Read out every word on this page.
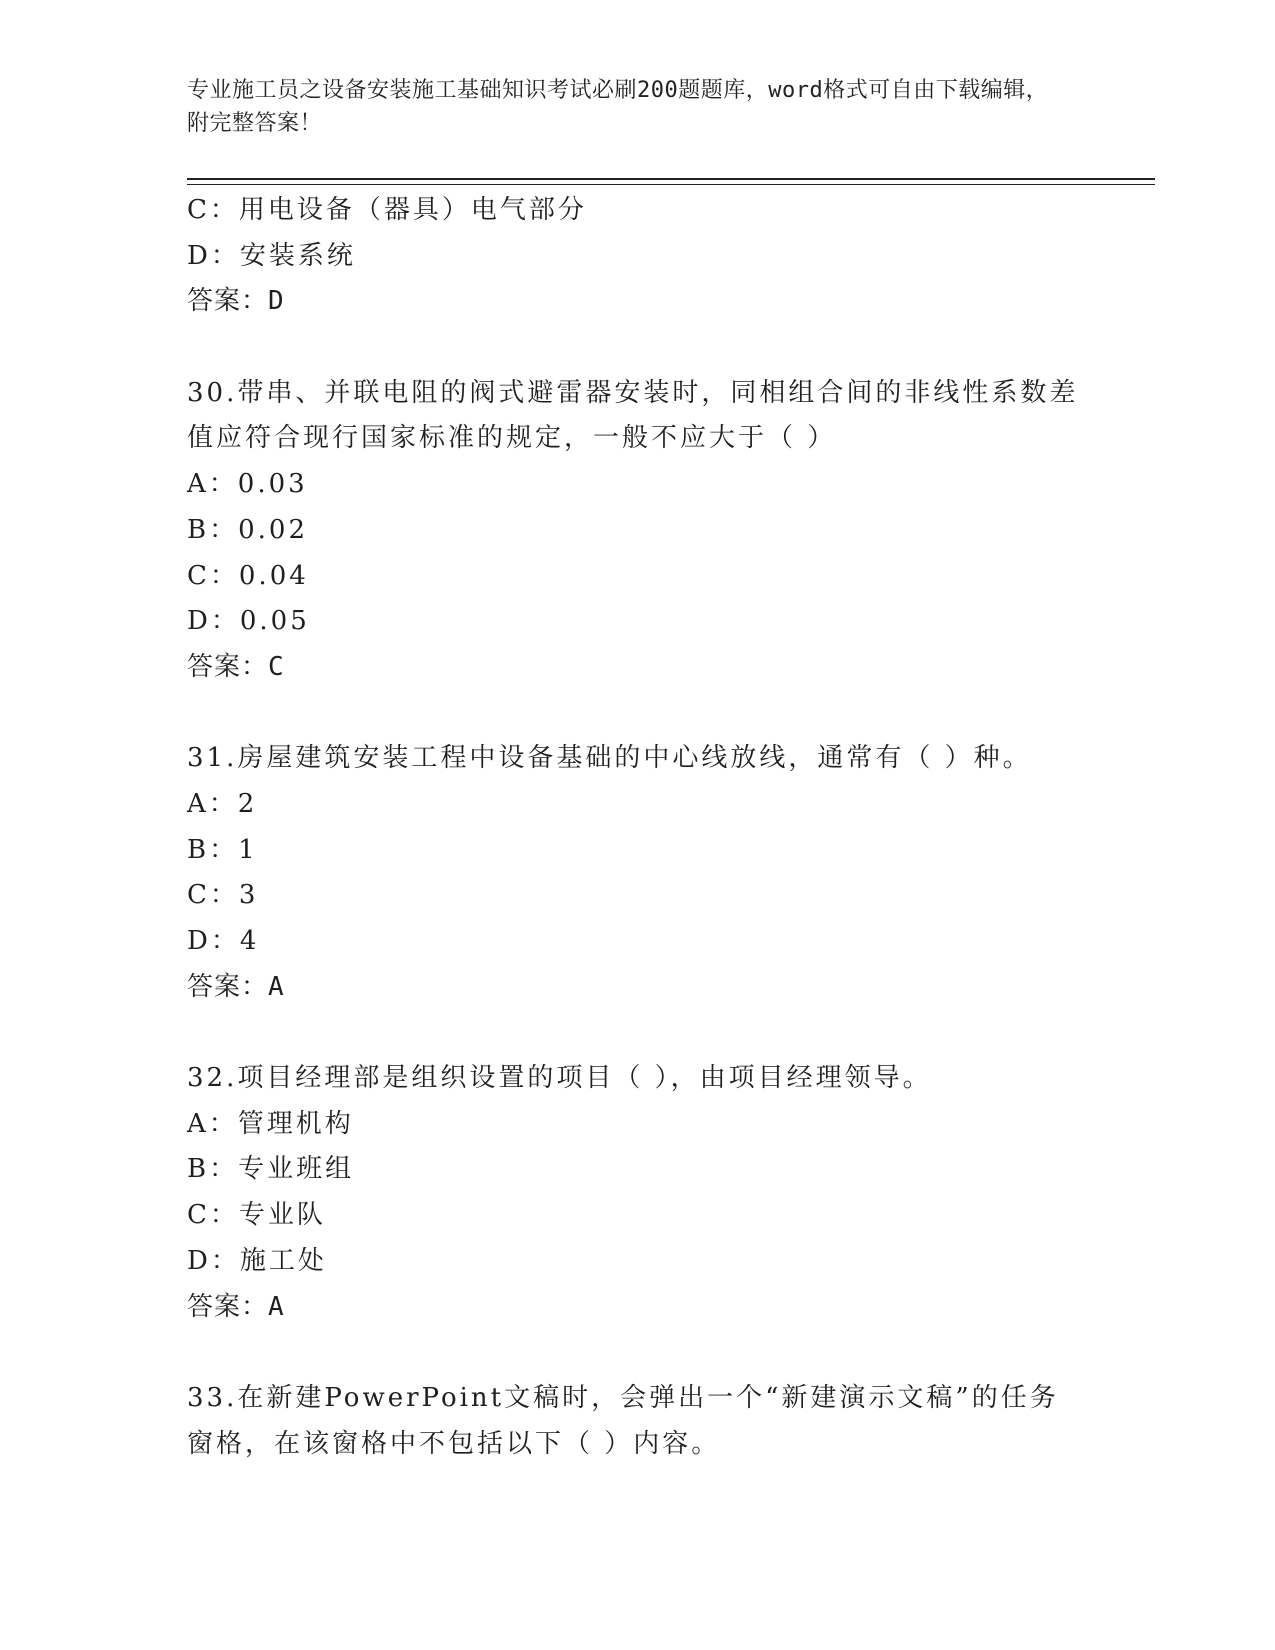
专业施工员之设备安装施工基础知识考试必刷200题题库，word格式可自由下载编辑，附完整答案！
C：用电设备（器具）电气部分
D：安装系统
答案：D
30.带串、并联电阻的阀式避雷器安装时，同相组合间的非线性系数差
值应符合现行国家标准的规定，一般不应大于（ ）
A：0.03
B：0.02
C：0.04
D：0.05
答案：C
31.房屋建筑安装工程中设备基础的中心线放线，通常有（ ）种。
A：2
B：1
C：3
D：4
答案：A
32.项目经理部是组织设置的项目（ ），由项目经理领导。
A：管理机构
B：专业班组
C：专业队
D：施工处
答案：A
33.在新建PowerPoint文稿时，会弹出一个“新建演示文稿”的任务
窗格，在该窗格中不包括以下（ ）内容。
